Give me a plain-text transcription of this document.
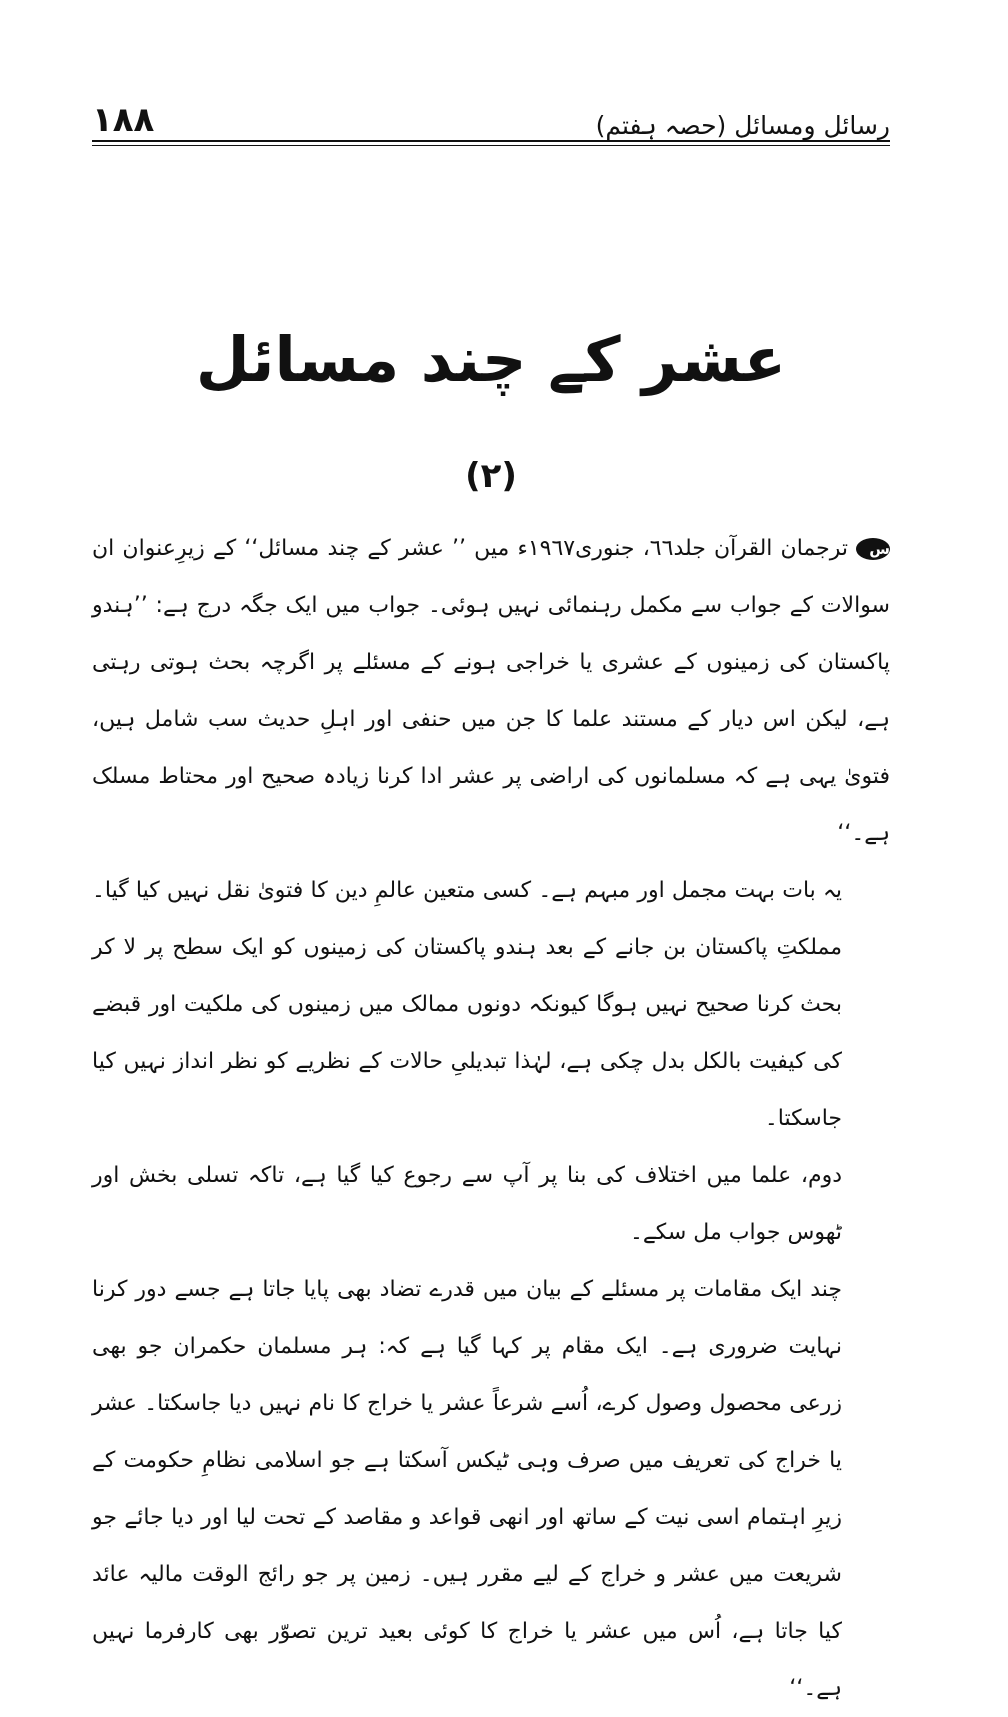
١٨٨	رسائل ومسائل (حصہ ہفتم)
عشر کے چند مسائل
(٢)

سترجمان القرآن جلد٦٦، جنوری١٩٦٧ء میں ’’ عشر کے چند مسائل‘‘ کے زیرِعنوان ان سوالات کے جواب سے مکمل رہنمائی نہیں ہوئی۔ جواب میں ایک جگہ درج ہے: ’’ہندو پاکستان کی زمینوں کے عشری یا خراجی ہونے کے مسئلے پر اگرچہ بحث ہوتی رہتی ہے، لیکن اس دیار کے مستند علما کا جن میں حنفی اور اہلِ حدیث سب شامل ہیں، فتویٰ یہی ہے کہ مسلمانوں کی اراضی پر عشر ادا کرنا زیادہ صحیح اور محتاط مسلک ہے۔‘‘

یہ بات بہت مجمل اور مبہم ہے۔ کسی متعین عالمِ دین کا فتویٰ نقل نہیں کیا گیا۔ مملکتِ پاکستان بن جانے کے بعد ہندو پاکستان کی زمینوں کو ایک سطح پر لا کر بحث کرنا صحیح نہیں ہوگا کیونکہ دونوں ممالک میں زمینوں کی ملکیت اور قبضے کی کیفیت بالکل بدل چکی ہے، لہٰذا تبدیلیِ حالات کے نظریے کو نظر انداز نہیں کیا جاسکتا۔

دوم، علما میں اختلاف کی بنا پر آپ سے رجوع کیا گیا ہے، تاکہ تسلی بخش اور ٹھوس جواب مل سکے۔

چند ایک مقامات پر مسئلے کے بیان میں قدرے تضاد بھی پایا جاتا ہے جسے دور کرنا نہایت ضروری ہے۔ ایک مقام پر کہا گیا ہے کہ: ہر مسلمان حکمران جو بھی زرعی محصول وصول کرے، اُسے شرعاً عشر یا خراج کا نام نہیں دیا جاسکتا۔ عشر یا خراج کی تعریف میں صرف وہی ٹیکس آسکتا ہے جو اسلامی نظامِ حکومت کے زیرِ اہتمام اسی نیت کے ساتھ اور انھی قواعد و مقاصد کے تحت لیا اور دیا جائے جو شریعت میں عشر و خراج کے لیے مقرر ہیں۔ زمین پر جو رائج الوقت مالیہ عائد کیا جاتا ہے، اُس میں عشر یا خراج کا کوئی بعید ترین تصوّر بھی کارفرما نہیں ہے۔‘‘
